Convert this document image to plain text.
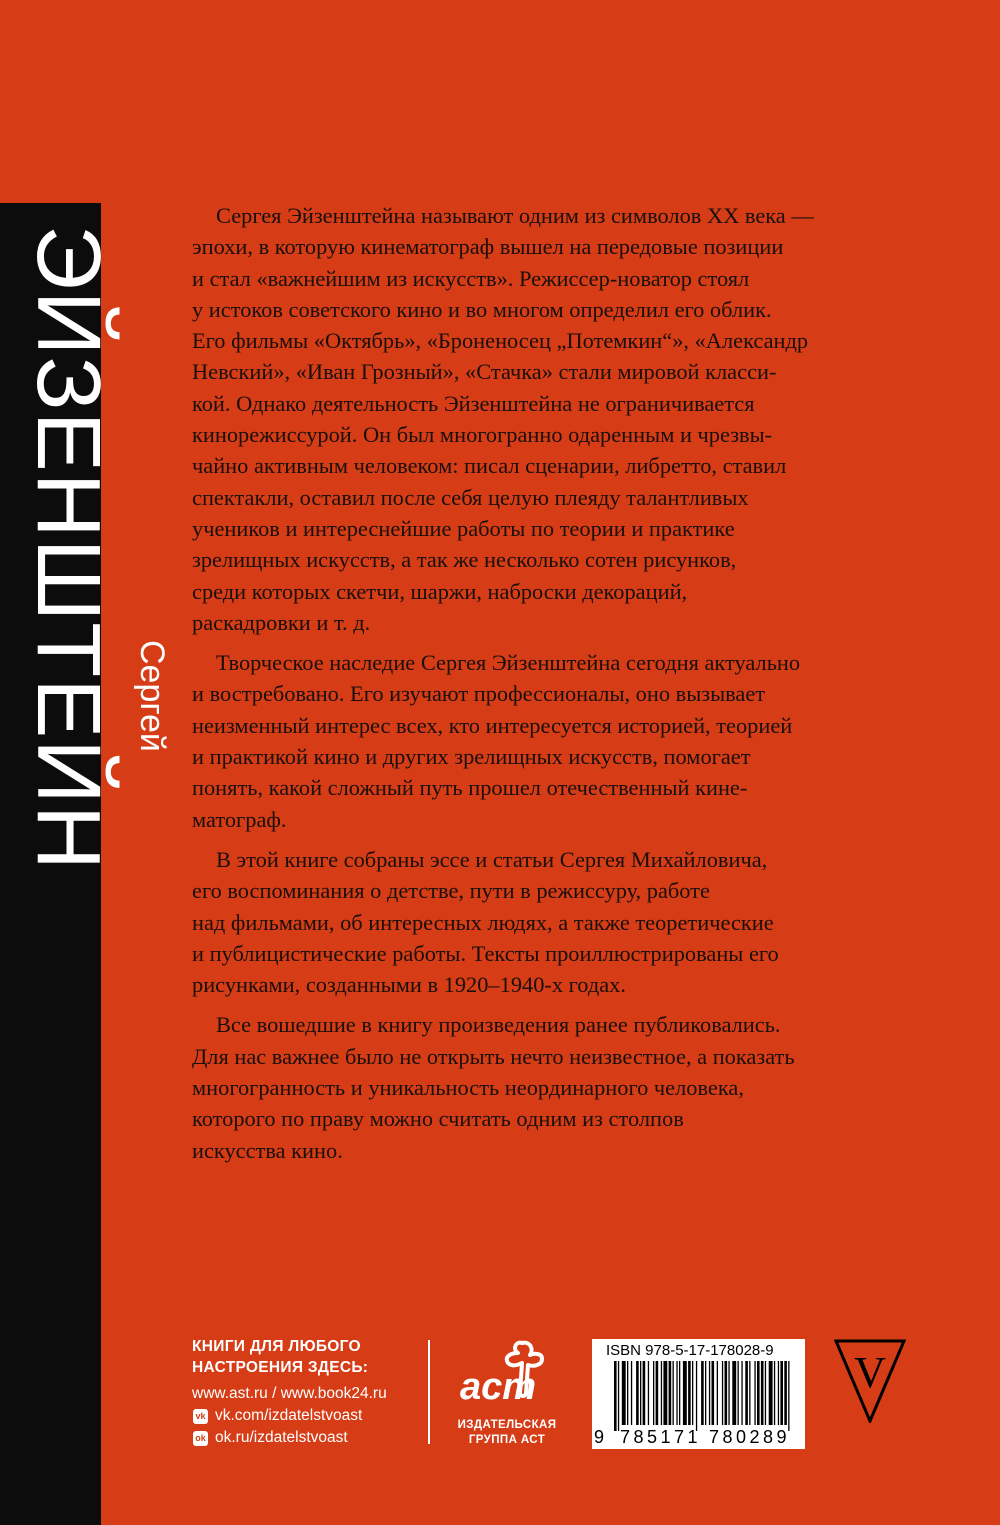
ЭЙЗЕНШТЕЙН Сергей

Сергея Эйзенштейна называют одним из символов XX века —
эпохи, в которую кинематограф вышел на передовые позиции
и стал «важнейшим из искусств». Режиссер-новатор стоял
у истоков советского кино и во многом определил его облик.
Его фильмы «Октябрь», «Броненосец „Потемкин“», «Александр
Невский», «Иван Грозный», «Стачка» стали мировой класси-
кой. Однако деятельность Эйзенштейна не ограничивается
кинорежиссурой. Он был многогранно одаренным и чрезвы-
чайно активным человеком: писал сценарии, либретто, ставил
спектакли, оставил после себя целую плеяду талантливых
учеников и интереснейшие работы по теории и практике
зрелищных искусств, а так же несколько сотен рисунков,
среди которых скетчи, шаржи, наброски декораций,
раскадровки и т. д.

Творческое наследие Сергея Эйзенштейна сегодня актуально
и востребовано. Его изучают профессионалы, оно вызывает
неизменный интерес всех, кто интересуется историей, теорией
и практикой кино и других зрелищных искусств, помогает
понять, какой сложный путь прошел отечественный кине-
матограф.

В этой книге собраны эссе и статьи Сергея Михайловича,
его воспоминания о детстве, пути в режиссуру, работе
над фильмами, об интересных людях, а также теоретические
и публицистические работы. Тексты проиллюстрированы его
рисунками, созданными в 1920–1940-х годах.

Все вошедшие в книгу произведения ранее публиковались.
Для нас важнее было не открыть нечто неизвестное, а показать
многогранность и уникальность неординарного человека,
которого по праву можно считать одним из столпов
искусства кино.

КНИГИ ДЛЯ ЛЮБОГО
НАСТРОЕНИЯ ЗДЕСЬ:
www.ast.ru / www.book24.ru
vk vk.com/izdatelstvoast
ok ok.ru/izdatelstvoast
аст
ИЗДАТЕЛЬСКАЯ
ГРУППА АСТ
ISBN 978-5-17-178028-9
9 785171 780289
V
